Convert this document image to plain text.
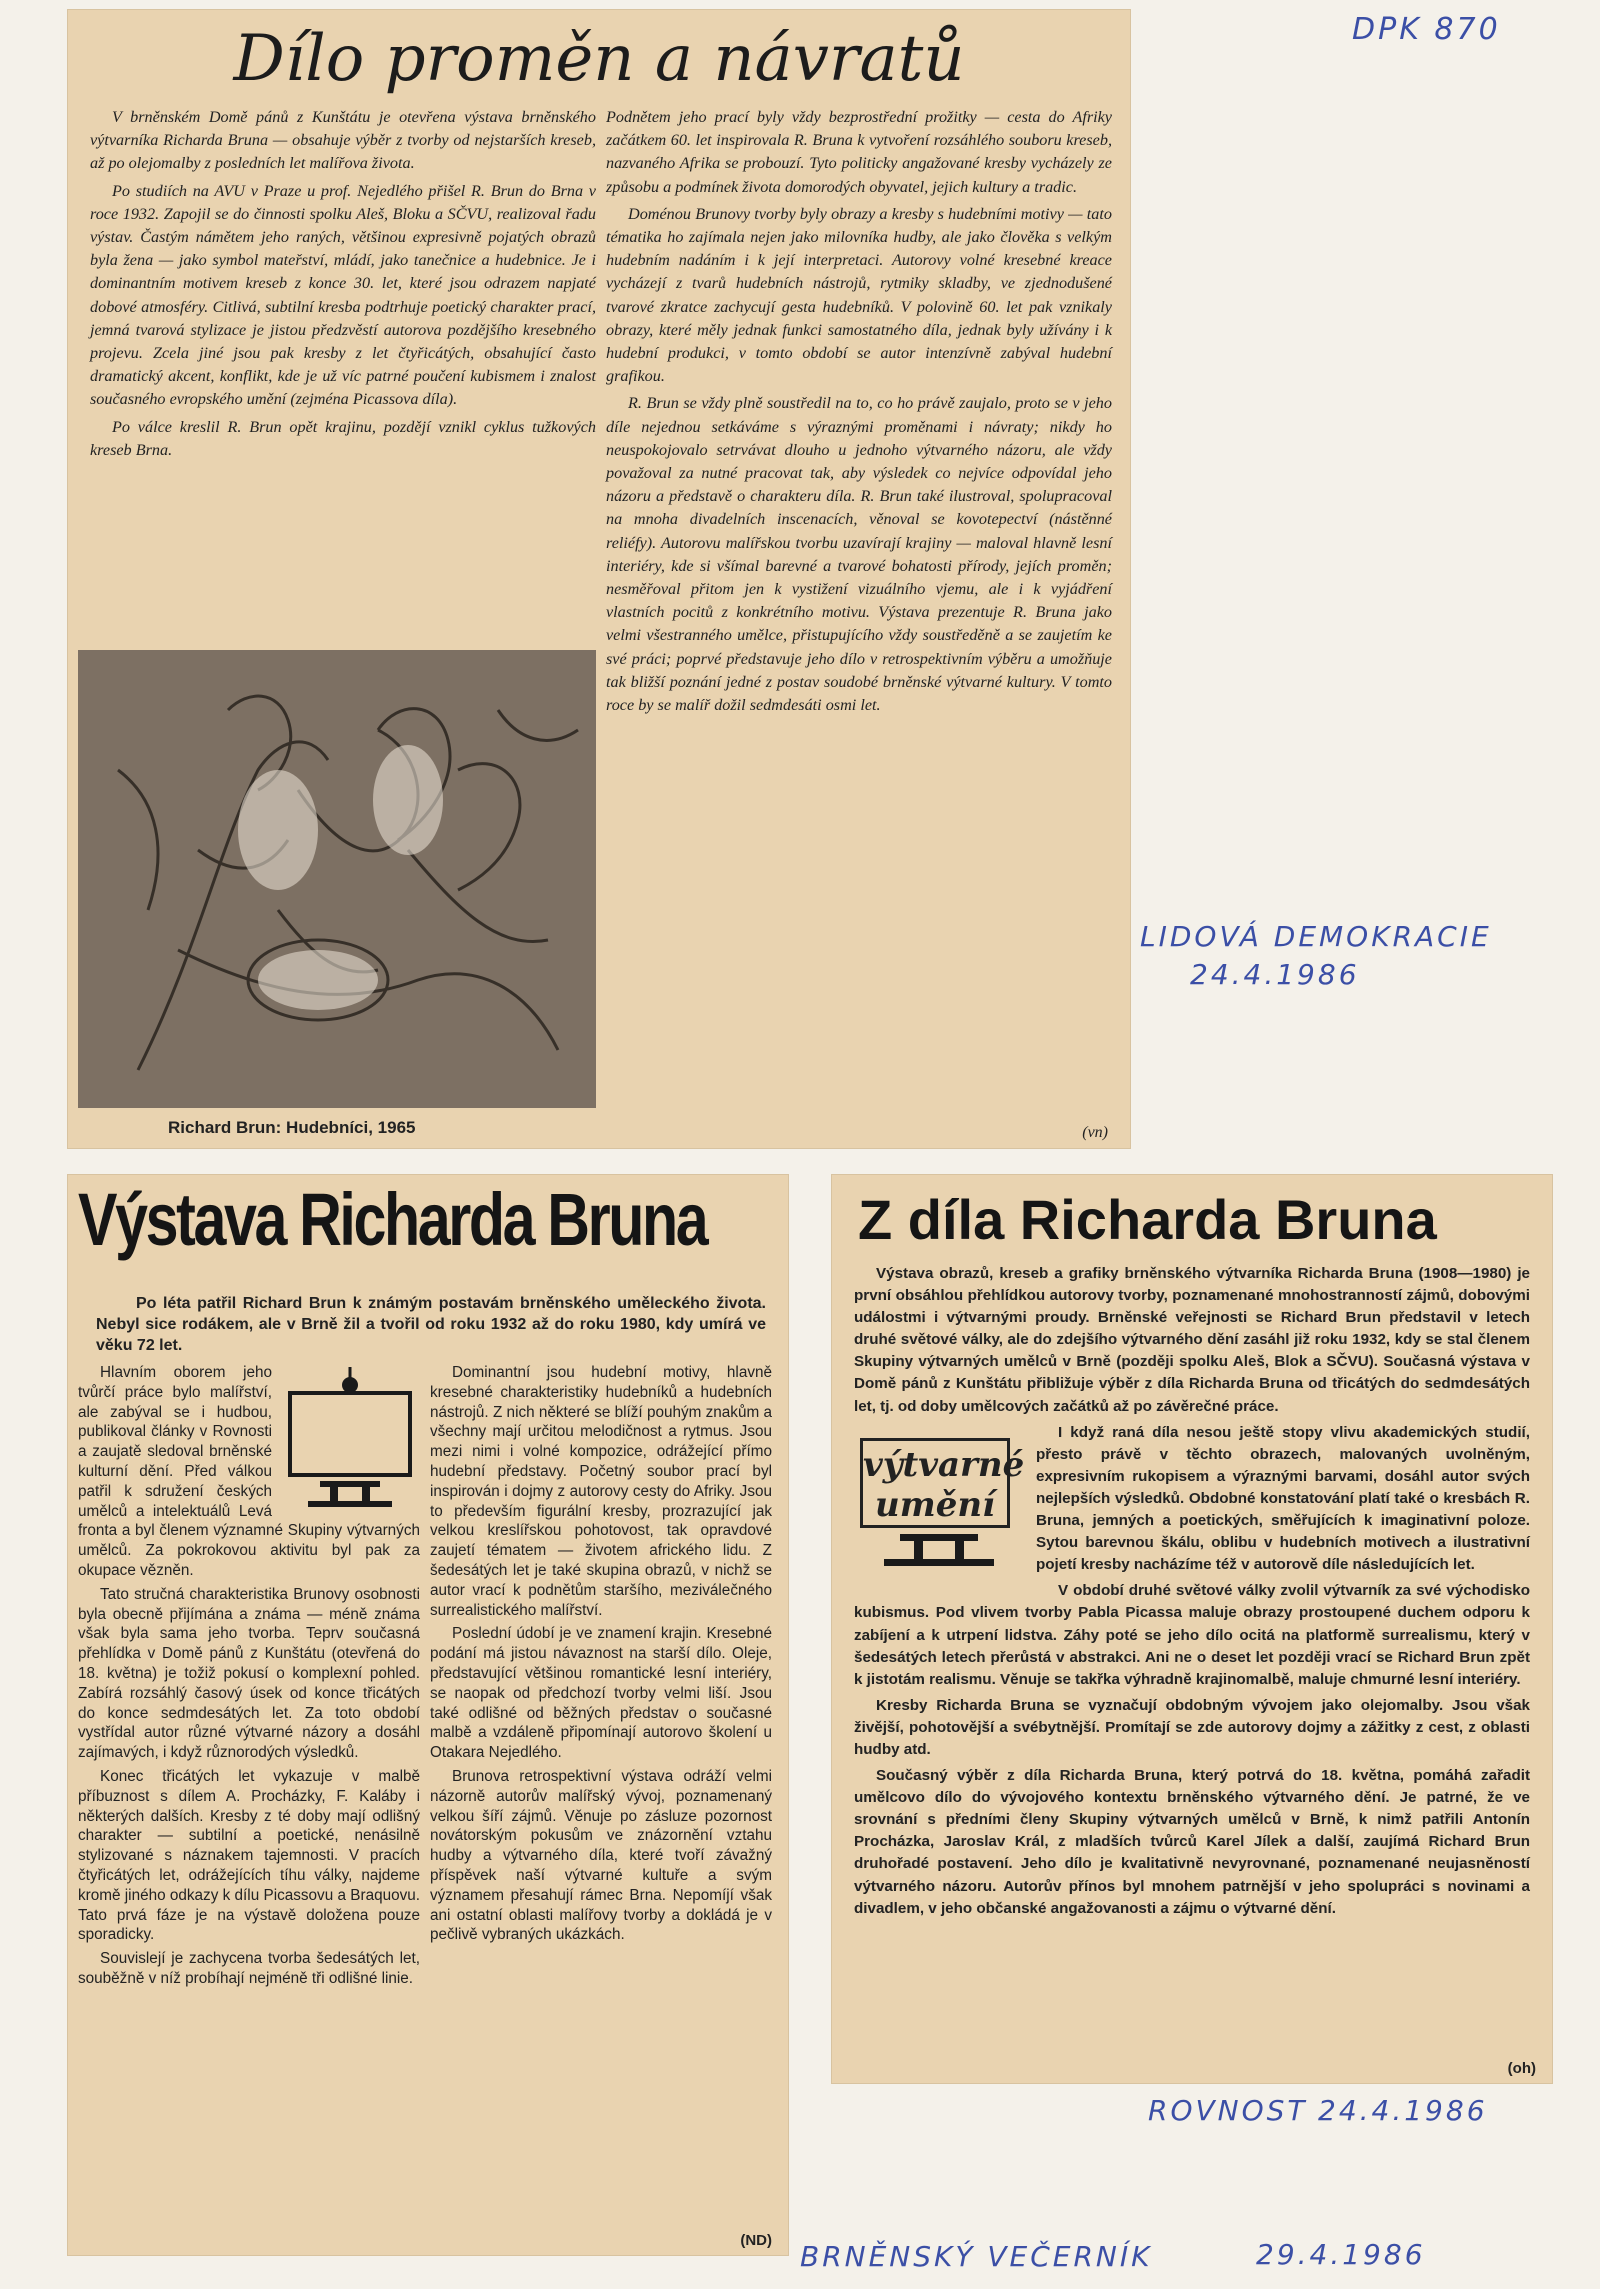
DPK 870
Dílo proměn a návratů

V brněnském Domě pánů z Kunštátu je otevřena výstava brněnského výtvarníka Richarda Bruna — obsahuje výběr z tvorby od nejstarších kreseb, až po olejomalby z posledních let malířova života.

Po studiích na AVU v Praze u prof. Nejedlého přišel R. Brun do Brna v roce 1932. Zapojil se do činnosti spolku Aleš, Bloku a SČVU, realizoval řadu výstav. Častým námětem jeho raných, většinou expresivně pojatých obrazů byla žena — jako symbol mateřství, mládí, jako tanečnice a hudebnice. Je i dominantním motivem kreseb z konce 30. let, které jsou odrazem napjaté dobové atmosféry. Citlivá, subtilní kresba podtrhuje poetický charakter prací, jemná tvarová stylizace je jistou předzvěstí autorova pozdějšího kresebného projevu. Zcela jiné jsou pak kresby z let čtyřicátých, obsahující často dramatický akcent, konflikt, kde je už víc patrné poučení kubismem i znalost současného evropského umění (zejména Picassova díla).

Po válce kreslil R. Brun opět krajinu, pozdějí vznikl cyklus tužkových kreseb Brna.

Richard Brun: Hudebníci, 1965

Podnětem jeho prací byly vždy bezprostřední prožitky — cesta do Afriky začátkem 60. let inspirovala R. Bruna k vytvoření rozsáhlého souboru kreseb, nazvaného Afrika se probouzí. Tyto politicky angažované kresby vycházely ze způsobu a podmínek života domorodých obyvatel, jejich kultury a tradic.

Doménou Brunovy tvorby byly obrazy a kresby s hudebními motivy — tato tématika ho zajímala nejen jako milovníka hudby, ale jako člověka s velkým hudebním nadáním i k její interpretaci. Autorovy volné kresebné kreace vycházejí z tvarů hudebních nástrojů, rytmiky skladby, ve zjednodušené tvarové zkratce zachycují gesta hudebníků. V polovině 60. let pak vznikaly obrazy, které měly jednak funkci samostatného díla, jednak byly užívány i k hudební produkci, v tomto období se autor intenzívně zabýval hudební grafikou.

R. Brun se vždy plně soustředil na to, co ho právě zaujalo, proto se v jeho díle nejednou setkáváme s výraznými proměnami i návraty; nikdy ho neuspokojovalo setrvávat dlouho u jednoho výtvarného názoru, ale vždy považoval za nutné pracovat tak, aby výsledek co nejvíce odpovídal jeho názoru a představě o charakteru díla. R. Brun také ilustroval, spolupracoval na mnoha divadelních inscenacích, věnoval se kovotepectví (nástěnné reliéfy). Autorovu malířskou tvorbu uzavírají krajiny — maloval hlavně lesní interiéry, kde si všímal barevné a tvarové bohatosti přírody, jejích proměn; nesměřoval přitom jen k vystižení vizuálního vjemu, ale i k vyjádření vlastních pocitů z konkrétního motivu. Výstava prezentuje R. Bruna jako velmi všestranného umělce, přistupujícího vždy soustředěně a se zaujetím ke své práci; poprvé představuje jeho dílo v retrospektivním výběru a umožňuje tak bližší poznání jedné z postav soudobé brněnské výtvarné kultury. V tomto roce by se malíř dožil sedmdesáti osmi let.

(vn)
LIDOVÁ DEMOKRACIE
24.4.1986
Výstava Richarda Bruna
Po léta patřil Richard Brun k známým postavám brněnského uměleckého života. Nebyl sice rodákem, ale v Brně žil a tvořil od roku 1932 až do roku 1980, kdy umírá ve věku 72 let.

Hlavním oborem jeho tvůrčí práce bylo malířství, ale zabýval se i hudbou, publikoval články v Rovnosti a zaujatě sledoval brněnské kulturní dění. Před válkou patřil k sdružení českých umělců a intelektuálů Levá fronta a byl členem významné Skupiny výtvarných umělců. Za pokrokovou aktivitu byl pak za okupace vězněn.

Tato stručná charakteristika Brunovy osobnosti byla obecně přijímána a známa — méně známa však byla sama jeho tvorba. Teprv současná přehlídka v Domě pánů z Kunštátu (otevřená do 18. května) je tožiž pokusí o komplexní pohled. Zabírá rozsáhlý časový úsek od konce třicátých do konce sedmdesátých let. Za toto období vystřídal autor různé výtvarné názory a dosáhl zajímavých, i když různorodých výsledků.

Konec třicátých let vykazuje v malbě příbuznost s dílem A. Procházky, F. Kaláby i některých dalších. Kresby z té doby mají odlišný charakter — subtilní a poetické, nenásilně stylizované s náznakem tajemnosti. V pracích čtyřicátých let, odrážejících tíhu války, najdeme kromě jiného odkazy k dílu Picassovu a Braquovu. Tato prvá fáze je na výstavě doložena pouze sporadicky.

Souvislejí je zachycena tvorba šedesátých let, souběžně v níž probíhají nejméně tři odlišné linie.

Dominantní jsou hudební motivy, hlavně kresebné charakteristiky hudebníků a hudebních nástrojů. Z nich některé se blíží pouhým znakům a všechny mají určitou melodičnost a rytmus. Jsou mezi nimi i volné kompozice, odrážející přímo hudební představy. Početný soubor prací byl inspirován i dojmy z autorovy cesty do Afriky. Jsou to především figurální kresby, prozrazující jak velkou kreslířskou pohotovost, tak opravdové zaujetí tématem — životem afrického lidu. Z šedesátých let je také skupina obrazů, v nichž se autor vrací k podnětům staršího, meziválečného surrealistického malířství.

Poslední údobí je ve znamení krajin. Kresebné podání má jistou návaznost na starší dílo. Oleje, představující většinou romantické lesní interiéry, se naopak od předchozí tvorby velmi liší. Jsou také odlišné od běžných představ o současné malbě a vzdáleně připomínají autorovo školení u Otakara Nejedlého.

Brunova retrospektivní výstava odráží velmi názorně autorův malířský vývoj, poznamenaný velkou šíří zájmů. Věnuje po zásluze pozornost novátorským pokusům ve znázornění vztahu hudby a výtvarného díla, které tvoří závažný příspěvek naší výtvarné kultuře a svým významem přesahují rámec Brna. Nepomíjí však ani ostatní oblasti malířovy tvorby a dokládá je v pečlivě vybraných ukázkách.

(ND) BRNĚNSKÝ VEČERNÍK	29.4.1986
Z díla Richarda Bruna

Výstava obrazů, kreseb a grafiky brněnského výtvarníka Richarda Bruna (1908—1980) je první obsáhlou přehlídkou autorovy tvorby, poznamenané mnohostranností zájmů, dobovými událostmi i výtvarnými proudy. Brněnské veřejnosti se Richard Brun představil v letech druhé světové války, ale do zdejšího výtvarného dění zasáhl již roku 1932, kdy se stal členem Skupiny výtvarných umělců v Brně (později spolku Aleš, Blok a SČVU). Současná výstava v Domě pánů z Kunštátu přibližuje výběr z díla Richarda Bruna od třicátých do sedmdesátých let, tj. od doby umělcových začátků až po závěrečné práce.

výtvarné umění

I když raná díla nesou ještě stopy vlivu akademických studií, přesto právě v těchto obrazech, malovaných uvolněným, expresivním rukopisem a výraznými barvami, dosáhl autor svých nejlepších výsledků. Obdobné konstatování platí také o kresbách R. Bruna, jemných a poetických, směřujících k imaginativní poloze. Sytou barevnou škálu, oblibu v hudebních motivech a ilustrativní pojetí kresby nacházíme též v autorově díle následujících let.

V období druhé světové války zvolil výtvarník za své východisko kubismus. Pod vlivem tvorby Pabla Picassa maluje obrazy prostoupené duchem odporu k zabíjení a k utrpení lidstva. Záhy poté se jeho dílo ocitá na platformě surrealismu, který v šedesátých letech přerůstá v abstrakci. Ani ne o deset let později vrací se Richard Brun zpět k jistotám realismu. Věnuje se takřka výhradně krajinomalbě, maluje chmurné lesní interiéry.

Kresby Richarda Bruna se vyznačují obdobným vývojem jako olejomalby. Jsou však živější, pohotovější a svébytnější. Promítají se zde autorovy dojmy a zážitky z cest, z oblasti hudby atd.

Současný výběr z díla Richarda Bruna, který potrvá do 18. května, pomáhá zařadit umělcovo dílo do vývojového kontextu brněnského výtvarného dění. Je patrné, že ve srovnání s předními členy Skupiny výtvarných umělců v Brně, k nimž patřili Antonín Procházka, Jaroslav Král, z mladších tvůrců Karel Jílek a další, zaujímá Richard Brun druhořadé postavení. Jeho dílo je kvalitativně nevyrovnané, poznamenané neujasněností výtvarného názoru. Autorův přínos byl mnohem patrnější v jeho spolupráci s novinami a divadlem, v jeho občanské angažovanosti a zájmu o výtvarné dění.

(oh)
ROVNOST 24.4.1986
